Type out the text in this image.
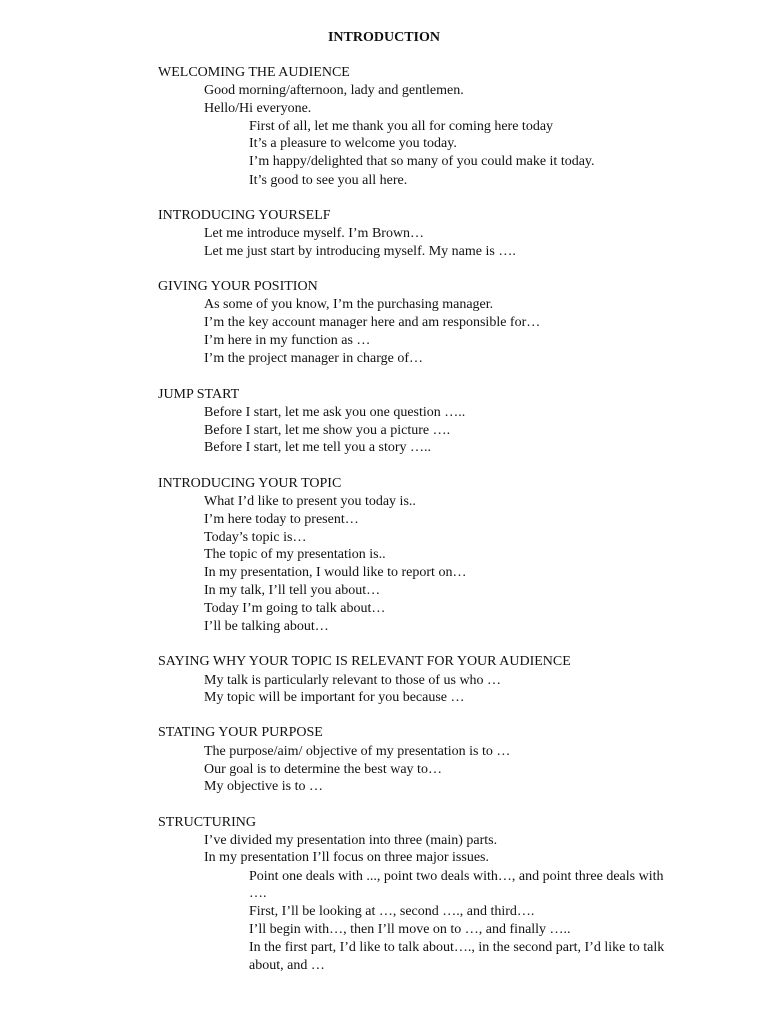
INTRODUCTION

WELCOMING THE AUDIENCE

Good morning/afternoon, lady and gentlemen.

Hello/Hi everyone.

First of all, let me thank you all for coming here today

It’s a pleasure to welcome you today.

I’m happy/delighted that so many of you could make it today.

It’s good to see you all here.

INTRODUCING YOURSELF

Let me introduce myself. I’m Brown…

Let me just start by introducing myself. My name is ….

GIVING YOUR POSITION

As some of you know, I’m the purchasing manager.

I’m the key account manager here and am responsible for…

I’m here in my function as …

I’m the project manager in charge of…

JUMP START

Before I start, let me ask you one question …..

Before I start, let me show you a picture ….

Before I start, let me tell you a story …..

INTRODUCING YOUR TOPIC

What I’d like to present you today is..

I’m here today to present…

Today’s topic is…

The topic of my presentation is..

In my presentation, I would like to report on…

In my talk, I’ll tell you about…

Today I’m going to talk about…

I’ll be talking about…

SAYING WHY YOUR TOPIC IS RELEVANT FOR YOUR AUDIENCE

My talk is particularly relevant to those of us who …

My topic will be important for you because …

STATING YOUR PURPOSE

The purpose/aim/ objective of my presentation is to …

Our goal is to determine the best way to…

My objective is to …

STRUCTURING

I’ve divided my presentation into three (main) parts.

In my presentation I’ll focus on three major issues.

Point one deals with ..., point two deals with…, and point three deals with

….

First, I’ll be looking at …, second …., and third….

I’ll begin with…, then I’ll move on to …, and finally …..

In the first part, I’d like to talk about…., in the second part, I’d like to talk

about, and …
